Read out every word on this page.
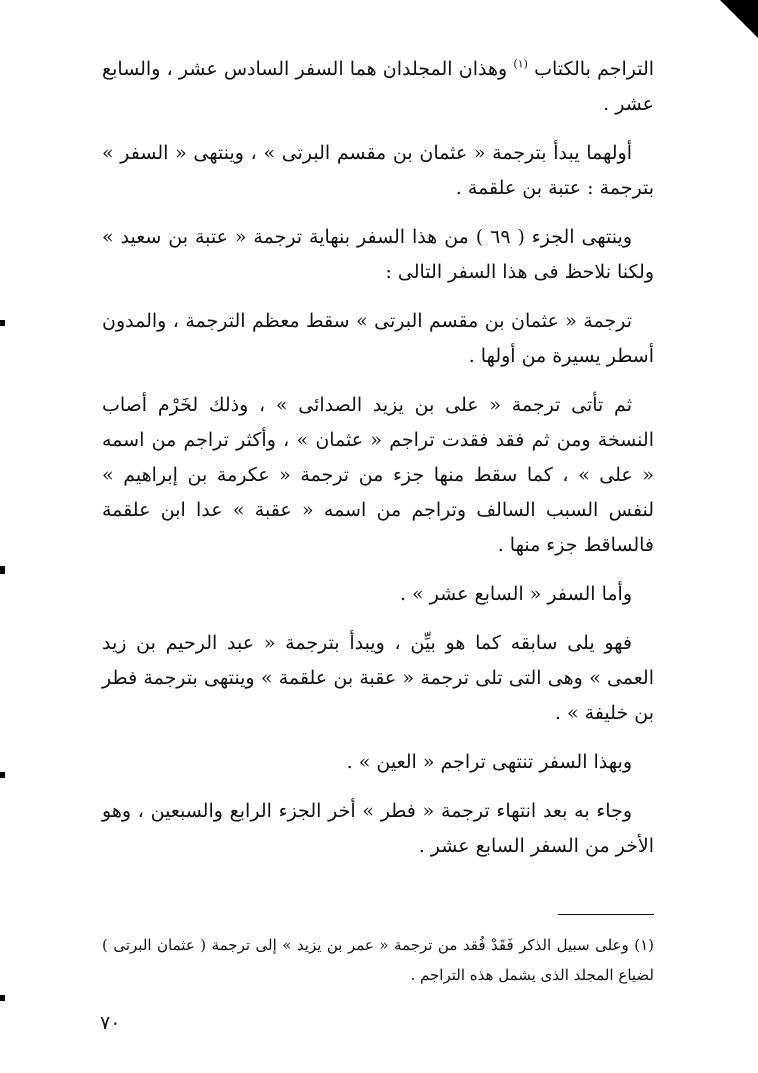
التراجم بالكتاب $^{(١)}$ وهذان المجلدان هما السفر السادس عشر ، والسابع عشر .

أولهما يبدأ بترجمة « عثمان بن مقسم البرتى » ، وينتهى « السفر » بترجمة : عتبة بن علقمة .

وينتهى الجزء ( ٦٩ ) من هذا السفر بنهاية ترجمة « عتبة بن سعيد » ولكنا نلاحظ فى هذا السفر التالى :

ترجمة « عثمان بن مقسم البرتى » سقط معظم الترجمة ، والمدون أسطر يسيرة من أولها .

ثم تأتى ترجمة « على بن يزيد الصدائى » ، وذلك لخَرْم أصاب النسخة ومن ثم فقد فقدت تراجم « عثمان » ، وأكثر تراجم من اسمه « على » ، كما سقط منها جزء من ترجمة « عكرمة بن إبراهيم » لنفس السبب السالف وتراجم من اسمه « عقبة » عدا ابن علقمة فالساقط جزء منها .

وأما السفر « السابع عشر » .

فهو يلى سابقه كما هو بيِّن ، ويبدأ بترجمة « عبد الرحيم بن زيد العمى » وهى التى تلى ترجمة « عقبة بن علقمة » وينتهى بترجمة فطر بن خليفة » .

وبهذا السفر تنتهى تراجم « العين » .

وجاء به بعد انتهاء ترجمة « فطر » أخر الجزء الرابع والسبعين ، وهو الأخر من السفر السابع عشر .

(١) وعلى سبيل الذكر فَقَدْ فُقد من ترجمة « عمر بن يزيد » إلى ترجمة ( عثمان البرتى ) لضياع المجلد الذى يشمل هذه التراجم .

٧٠
